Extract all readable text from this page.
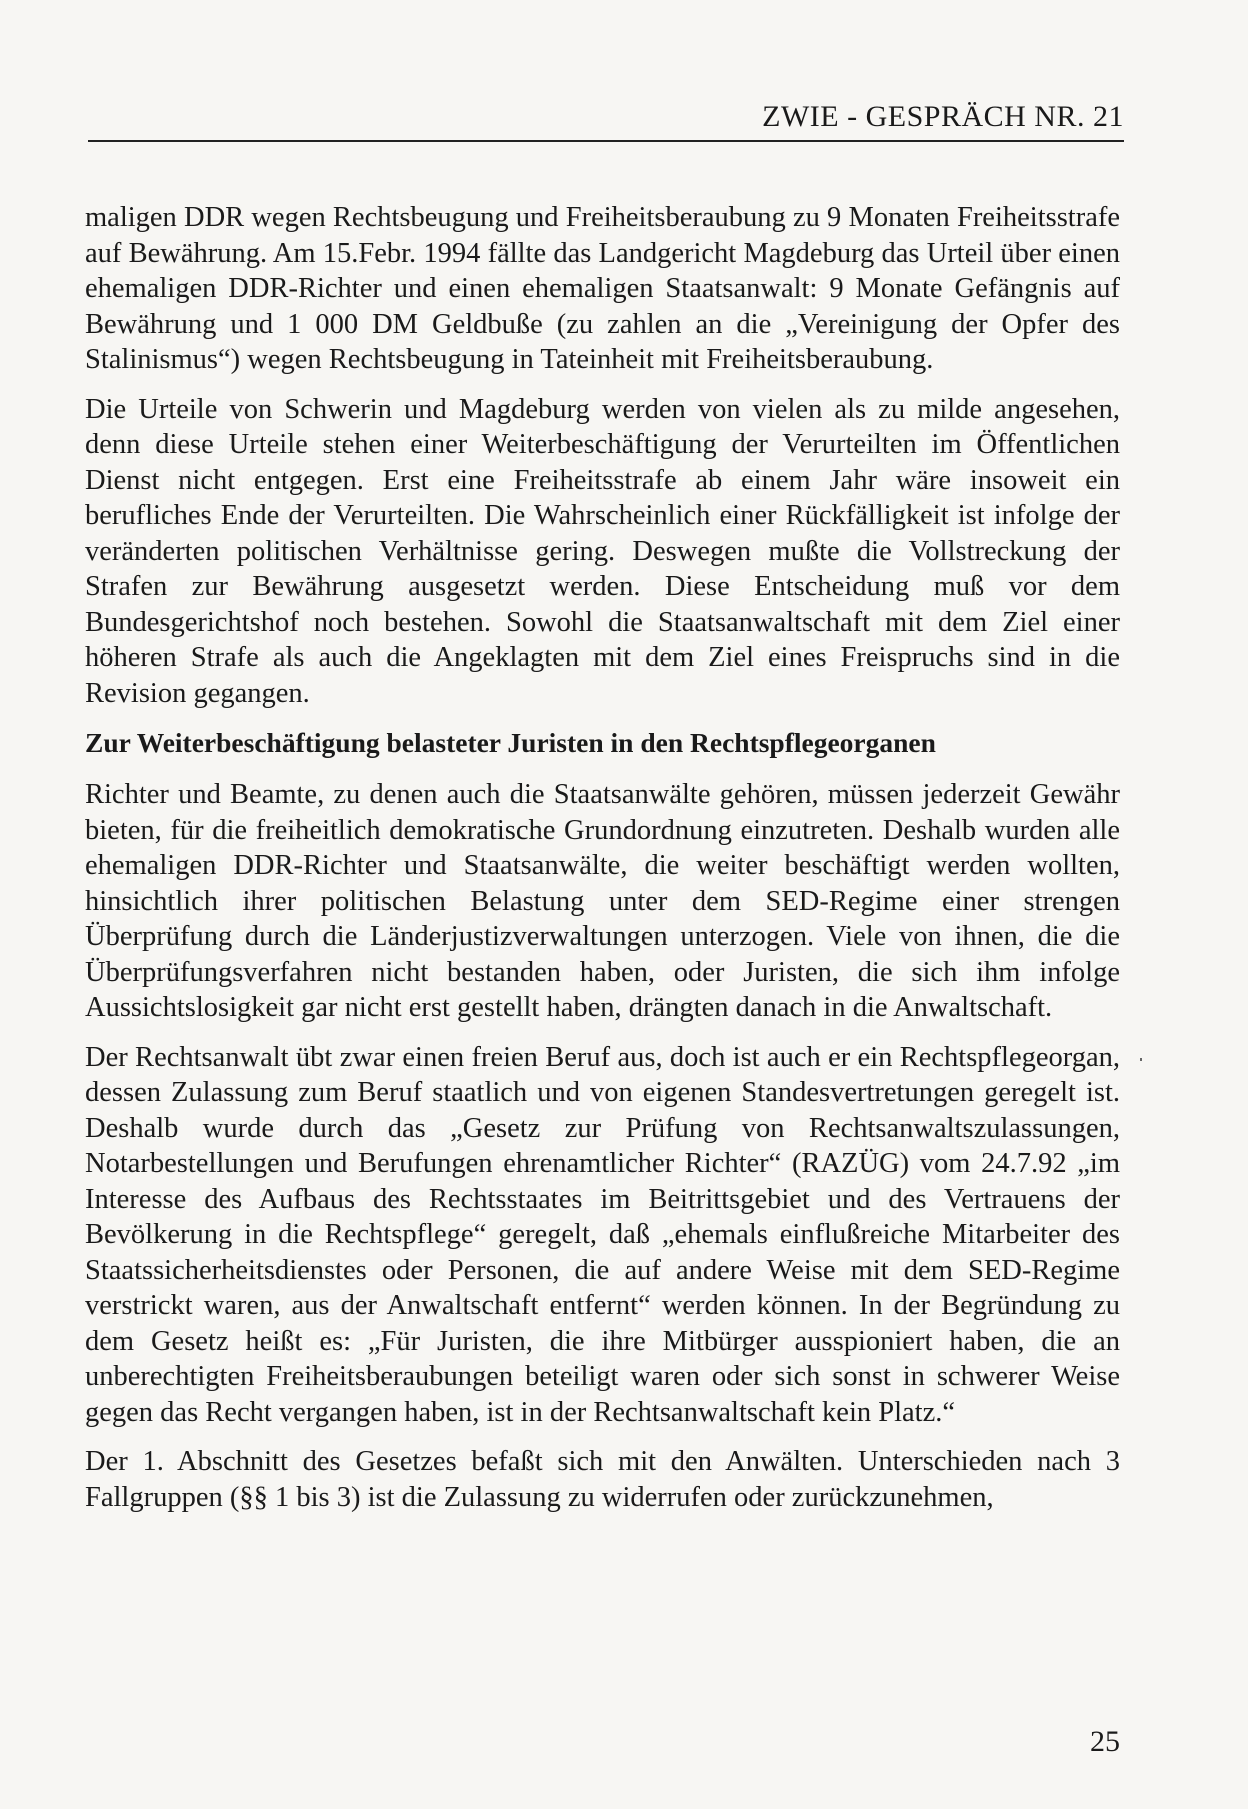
ZWIE - GESPRÄCH NR. 21

maligen DDR wegen Rechtsbeugung und Freiheitsberaubung zu 9 Monaten Freiheitsstrafe auf Bewährung. Am 15.Febr. 1994 fällte das Landgericht Magdeburg das Urteil über einen ehemaligen DDR-Richter und einen ehemaligen Staatsanwalt: 9 Monate Gefängnis auf Bewährung und 1 000 DM Geldbuße (zu zahlen an die „Vereinigung der Opfer des Stalinismus“) wegen Rechtsbeugung in Tateinheit mit Freiheitsberaubung.

Die Urteile von Schwerin und Magdeburg werden von vielen als zu milde angesehen, denn diese Urteile stehen einer Weiterbeschäftigung der Verurteilten im Öffentlichen Dienst nicht entgegen. Erst eine Freiheitsstrafe ab einem Jahr wäre insoweit ein berufliches Ende der Verurteilten. Die Wahrscheinlich einer Rückfälligkeit ist infolge der veränderten politischen Verhältnisse gering. Deswegen mußte die Vollstreckung der Strafen zur Bewährung ausgesetzt werden. Diese Entscheidung muß vor dem Bundesgerichtshof noch bestehen. Sowohl die Staatsanwaltschaft mit dem Ziel einer höheren Strafe als auch die Angeklagten mit dem Ziel eines Freispruchs sind in die Revision gegangen.

Zur Weiterbeschäftigung belasteter Juristen in den Rechtspflegeorganen

Richter und Beamte, zu denen auch die Staatsanwälte gehören, müssen jederzeit Gewähr bieten, für die freiheitlich demokratische Grundordnung einzutreten. Deshalb wurden alle ehemaligen DDR-Richter und Staatsanwälte, die weiter beschäftigt werden wollten, hinsichtlich ihrer politischen Belastung unter dem SED-Regime einer strengen Überprüfung durch die Länderjustizverwaltungen unterzogen. Viele von ihnen, die die Überprüfungsverfahren nicht bestanden haben, oder Juristen, die sich ihm infolge Aussichtslosigkeit gar nicht erst gestellt haben, drängten danach in die Anwaltschaft.

Der Rechtsanwalt übt zwar einen freien Beruf aus, doch ist auch er ein Rechtspflegeorgan, dessen Zulassung zum Beruf staatlich und von eigenen Standesvertretungen geregelt ist. Deshalb wurde durch das „Gesetz zur Prüfung von Rechtsanwaltszulassungen, Notarbestellungen und Berufungen ehrenamtlicher Richter“ (RAZÜG) vom 24.7.92 „im Interesse des Aufbaus des Rechtsstaates im Beitrittsgebiet und des Vertrauens der Bevölkerung in die Rechtspflege“ geregelt, daß „ehemals einflußreiche Mitarbeiter des Staatssicherheitsdienstes oder Personen, die auf andere Weise mit dem SED-Regime verstrickt waren, aus der Anwaltschaft entfernt“ werden können. In der Begründung zu dem Gesetz heißt es: „Für Juristen, die ihre Mitbürger ausspioniert haben, die an unberechtigten Freiheitsberaubungen beteiligt waren oder sich sonst in schwerer Weise gegen das Recht vergangen haben, ist in der Rechtsanwaltschaft kein Platz.“

Der 1. Abschnitt des Gesetzes befaßt sich mit den Anwälten. Unterschieden nach 3 Fallgruppen (§§ 1 bis 3) ist die Zulassung zu widerrufen oder zurückzunehmen,

25
